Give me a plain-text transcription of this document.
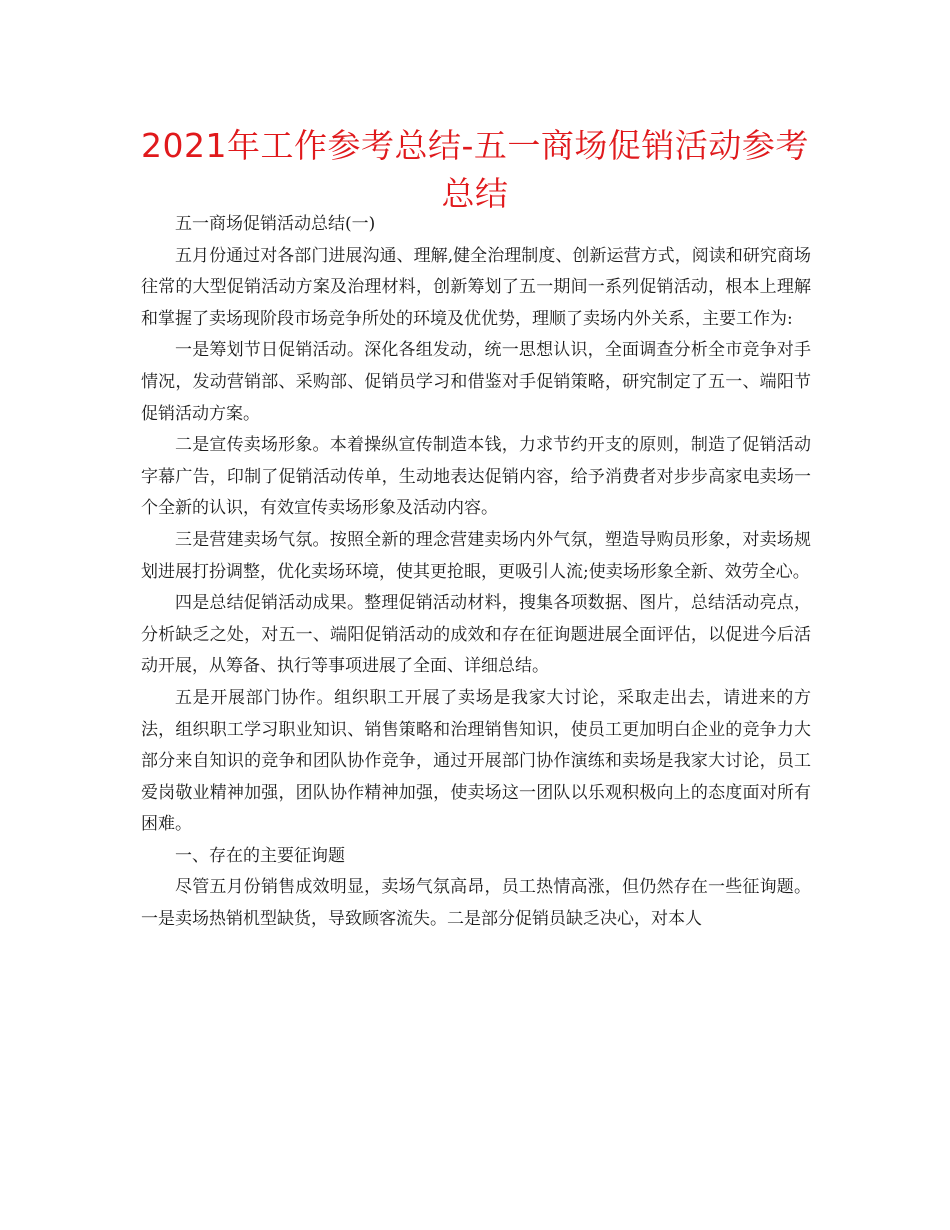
2021年工作参考总结-五一商场促销活动参考总结

五一商场促销活动总结(一)

五月份通过对各部门进展沟通、理解,健全治理制度、创新运营方式，阅读和研究商场往常的大型促销活动方案及治理材料，创新筹划了五一期间一系列促销活动，根本上理解和掌握了卖场现阶段市场竞争所处的环境及优优势，理顺了卖场内外关系，主要工作为:

一是筹划节日促销活动。深化各组发动，统一思想认识，全面调查分析全市竞争对手情况，发动营销部、采购部、促销员学习和借鉴对手促销策略，研究制定了五一、端阳节促销活动方案。

二是宣传卖场形象。本着操纵宣传制造本钱，力求节约开支的原则，制造了促销活动字幕广告，印制了促销活动传单，生动地表达促销内容，给予消费者对步步高家电卖场一个全新的认识，有效宣传卖场形象及活动内容。

三是营建卖场气氛。按照全新的理念营建卖场内外气氛，塑造导购员形象，对卖场规划进展打扮调整，优化卖场环境，使其更抢眼，更吸引人流;使卖场形象全新、效劳全心。

四是总结促销活动成果。整理促销活动材料，搜集各项数据、图片，总结活动亮点，分析缺乏之处，对五一、端阳促销活动的成效和存在征询题进展全面评估，以促进今后活动开展，从筹备、执行等事项进展了全面、详细总结。

五是开展部门协作。组织职工开展了卖场是我家大讨论，采取走出去，请进来的方法，组织职工学习职业知识、销售策略和治理销售知识，使员工更加明白企业的竞争力大部分来自知识的竞争和团队协作竞争，通过开展部门协作演练和卖场是我家大讨论，员工爱岗敬业精神加强，团队协作精神加强，使卖场这一团队以乐观积极向上的态度面对所有困难。

一、存在的主要征询题

尽管五月份销售成效明显，卖场气氛高昂，员工热情高涨，但仍然存在一些征询题。一是卖场热销机型缺货，导致顾客流失。二是部分促销员缺乏决心，对本人
